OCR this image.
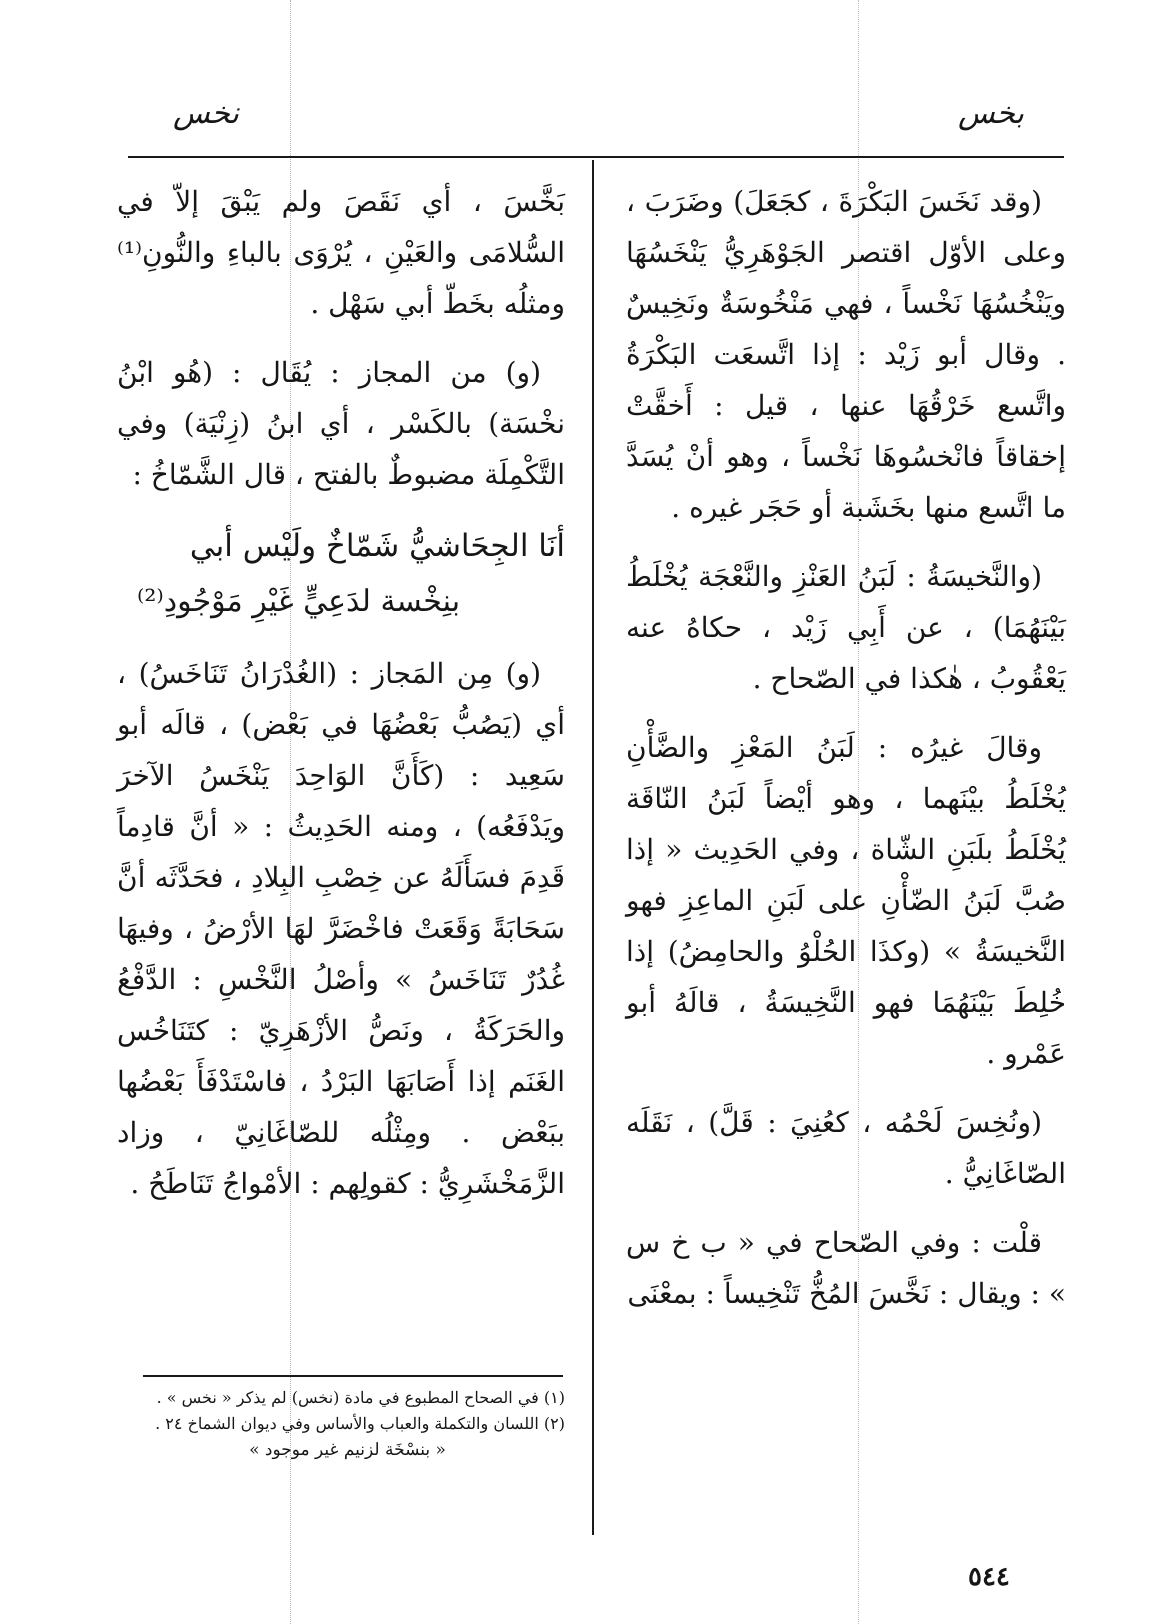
بخس
نخس

(وقد نَخَسَ البَكْرَةَ ، كجَعَلَ) وضَرَبَ ، وعلى الأوّل اقتصر الجَوْهَرِيُّ يَنْخَسُهَا ويَنْخُسُهَا نَخْساً ، فهي مَنْخُوسَةٌ ونَخِيسٌ . وقال أبو زَيْد : إذا اتَّسعَت البَكْرَةُ واتَّسع خَرْقُهَا عنها ، قيل : أَخقَّتْ إخقاقاً فانْخسُوهَا نَخْساً ، وهو أنْ يُسَدَّ ما اتَّسع منها بخَشَبة أو حَجَر غيره .

(والنَّخيسَةُ : لَبَنُ العَنْزِ والنَّعْجَة يُخْلَطُ بَيْنَهُمَا) ، عن أَبِي زَيْد ، حكاهُ عنه يَعْقُوبُ ، هٰكذا في الصّحاح .

وقالَ غيرُه : لَبَنُ المَعْزِ والضَّأْنِ يُخْلَطُ بيْنَهما ، وهو أيْضاً لَبَنُ النّاقَة يُخْلَطُ بلَبَنِ الشّاة ، وفي الحَدِيث « إذا صُبَّ لَبَنُ الضّأْنِ على لَبَنِ الماعِزِ فهو النَّخيسَةُ » (وكذَا الحُلْوُ والحامِضُ) إذا خُلِطَ بَيْنَهُمَا فهو النَّخِيسَةُ ، قالَهُ أبو عَمْرو .

(ونُخِسَ لَحْمُه ، كعُنِيَ : قَلَّ) ، نَقَلَه الصّاغَانِيُّ .

قلْت : وفي الصّحاح في « ب خ س » : ويقال : نَخَّسَ المُخُّ تَنْخِيساً : بمعْنَى

بَخَّسَ ، أي نَقَصَ ولم يَبْقَ إلاّ في السُّلامَى والعَيْنِ ، يُرْوَى بالباءِ والنُّونِ⁽¹⁾ ومثلُه بخَطّ أبي سَهْل .

(و) من المجاز : يُقَال : (هُو ابْنُ نخْسَة) بالكَسْر ، أي ابنُ (زِنْيَة) وفي التَّكْمِلَة مضبوطٌ بالفتح ، قال الشَّمّاخُ :

أنَا الجِحَاشيُّ شَمّاخٌ ولَيْس أبي
بنِخْسة لدَعِيٍّ غَيْرِ مَوْجُودِ⁽²⁾

(و) مِن المَجاز : (الغُدْرَانُ تَنَاخَسُ) ، أي (يَصُبُّ بَعْضُهَا في بَعْض) ، قالَه أبو سَعِيد : (كَأَنَّ الوَاحِدَ يَنْخَسُ الآخرَ ويَدْفَعُه) ، ومنه الحَدِيثُ : « أنَّ قادِماً قَدِمَ فسَأَلَهُ عن خِصْبِ البِلادِ ، فحَدَّثَه أنَّ سَحَابَةً وَقَعَتْ فاخْضَرَّ لهَا الأرْضُ ، وفيهَا غُدُرٌ تَنَاخَسُ » وأصْلُ النَّخْسِ : الدَّفْعُ والحَرَكَةُ ، ونَصُّ الأزْهَرِيّ : كتَنَاخُس الغَنَم إذا أَصَابَهَا البَرْدُ ، فاسْتَدْفَأَ بَعْضُها ببَعْض . ومِثْلُه للصّاغَانِيّ ، وزاد الزَّمَخْشَرِيُّ : كقولِهم : الأمْواجُ تَنَاطَحُ .

(١) في الصحاح المطبوع في مادة (نخس) لم يذكر « نخس » .
(٢) اللسان والتكملة والعباب والأساس وفي ديوان الشماخ ٢٤ .
« بنسْخَة لزنيم غير موجود »
٥٤٤
